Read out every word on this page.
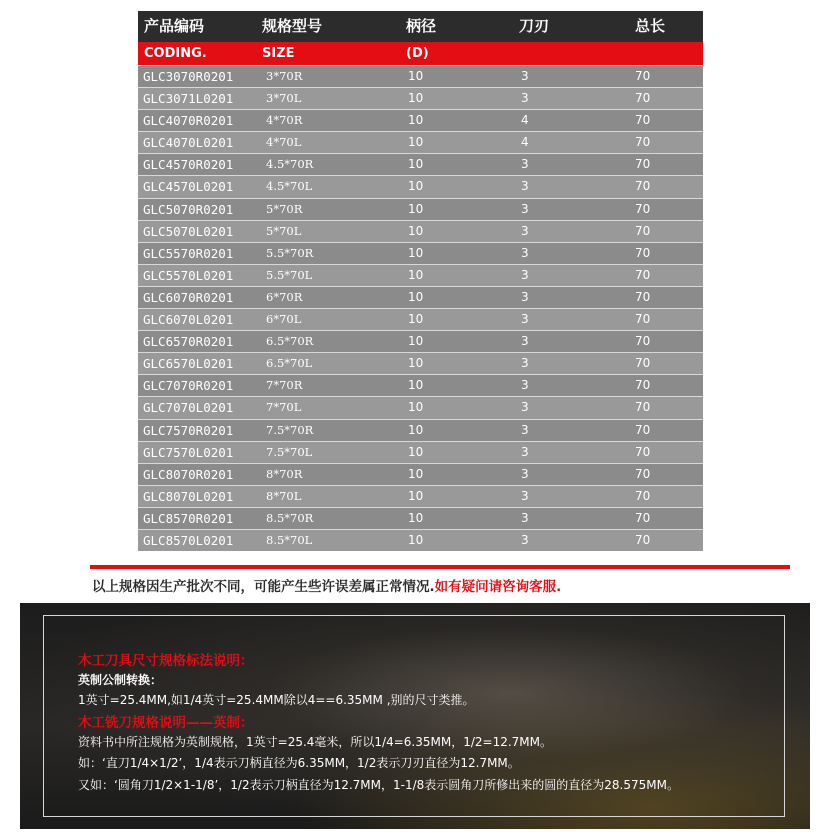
产品编码	规格型号	柄径	刀刃	总长
CODING.	SIZE	(D)
GLC3070R0201	3*70R	10	3	70
GLC3071L0201	3*70L	10	3	70
GLC4070R0201	4*70R	10	4	70
GLC4070L0201	4*70L	10	4	70
GLC4570R0201	4.5*70R	10	3	70
GLC4570L0201	4.5*70L	10	3	70
GLC5070R0201	5*70R	10	3	70
GLC5070L0201	5*70L	10	3	70
GLC5570R0201	5.5*70R	10	3	70
GLC5570L0201	5.5*70L	10	3	70
GLC6070R0201	6*70R	10	3	70
GLC6070L0201	6*70L	10	3	70
GLC6570R0201	6.5*70R	10	3	70
GLC6570L0201	6.5*70L	10	3	70
GLC7070R0201	7*70R	10	3	70
GLC7070L0201	7*70L	10	3	70
GLC7570R0201	7.5*70R	10	3	70
GLC7570L0201	7.5*70L	10	3	70
GLC8070R0201	8*70R	10	3	70
GLC8070L0201	8*70L	10	3	70
GLC8570R0201	8.5*70R	10	3	70
GLC8570L0201	8.5*70L	10	3	70
以上规格因生产批次不同，可能产生些许误差属正常情况.如有疑问请咨询客服.
木工刀具尺寸规格标法说明：
英制公制转换：
1英寸=25.4MM,如1/4英寸=25.4MM除以4==6.35MM ,别的尺寸类推。
木工铣刀规格说明——英制：
资料书中所注规格为英制规格，1英寸=25.4毫米，所以1/4=6.35MM，1/2=12.7MM。
如：‘直刀1/4×1/2’，1/4表示刀柄直径为6.35MM，1/2表示刀刃直径为12.7MM。
又如：‘圆角刀1/2×1-1/8’，1/2表示刀柄直径为12.7MM，1-1/8表示圆角刀所修出来的圆的直径为28.575MM。
